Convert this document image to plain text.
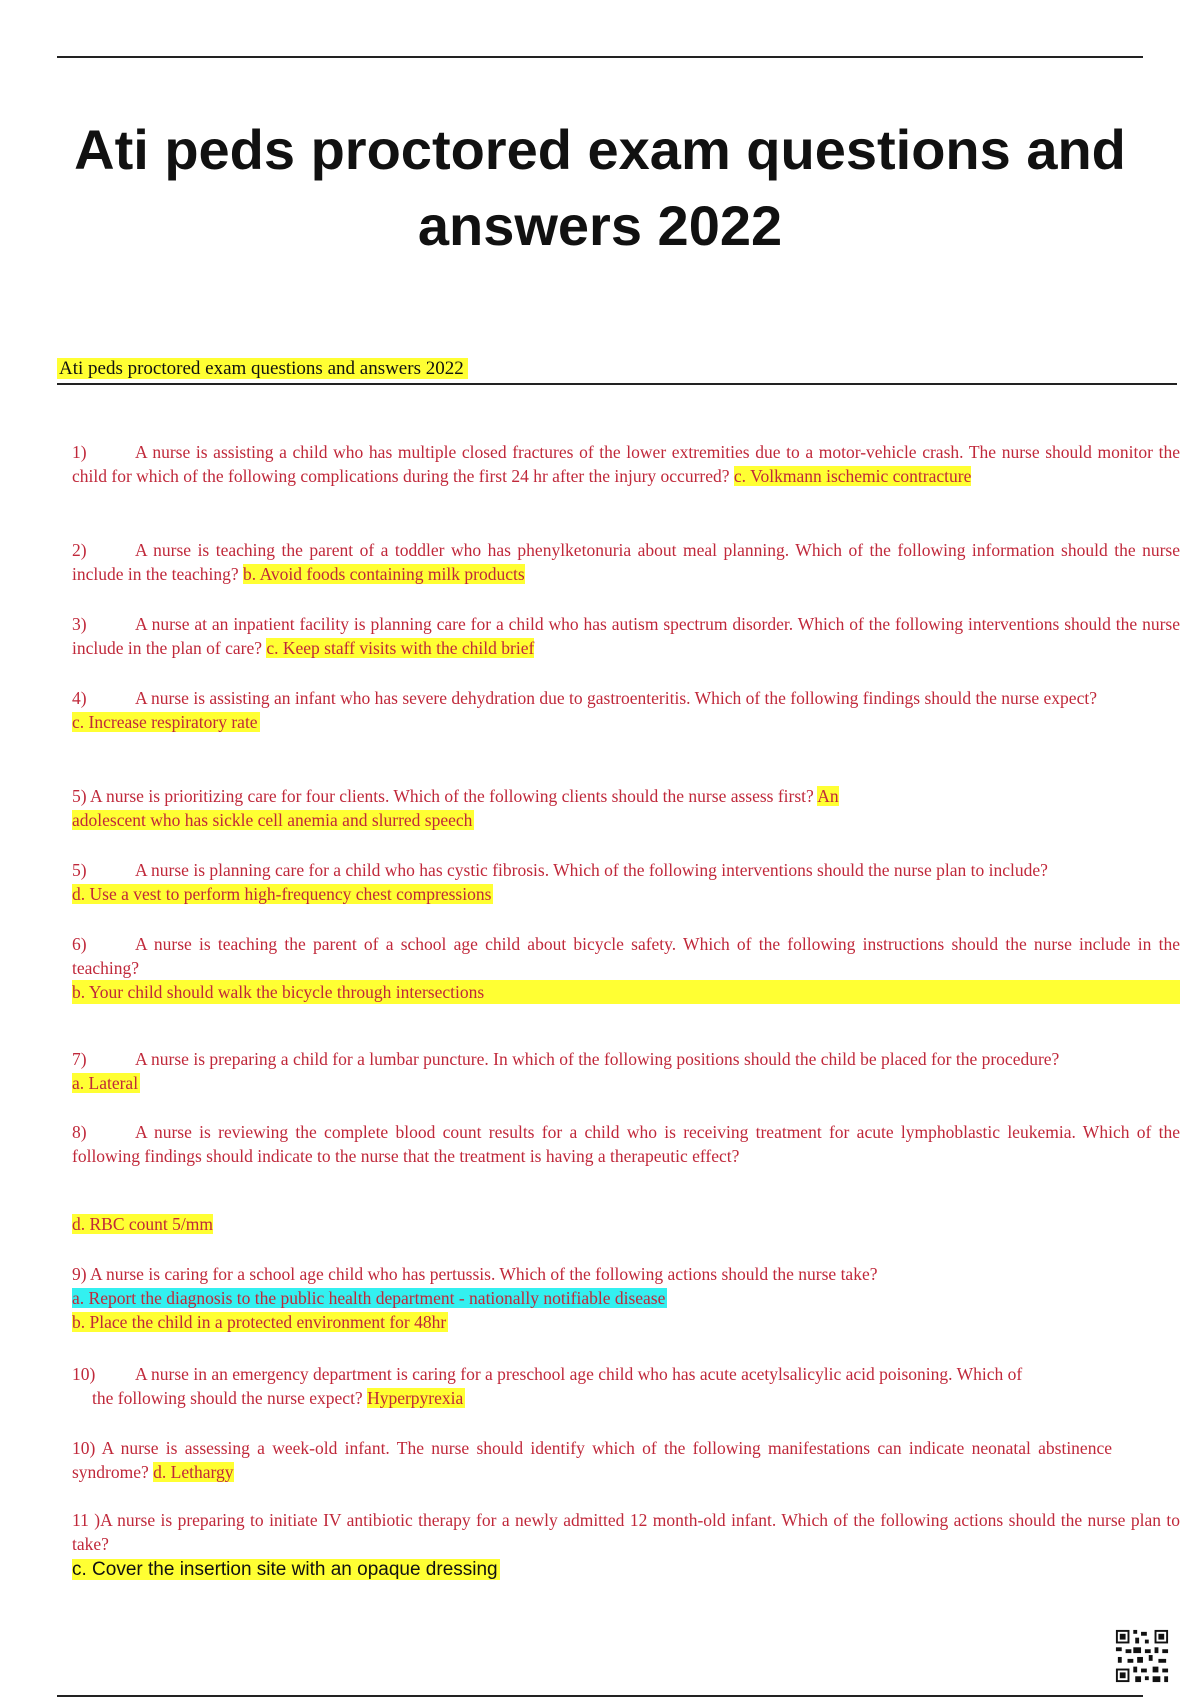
Ati peds proctored exam questions and answers 2022
Ati peds proctored exam questions and answers 2022
1)	A nurse is assisting a child who has multiple closed fractures of the lower extremities due to a motor-vehicle crash. The nurse should monitor the child for which of the following complications during the first 24 hr after the injury occurred? c. Volkmann ischemic contracture
2)	A nurse is teaching the parent of a toddler who has phenylketonuria about meal planning. Which of the following information should the nurse include in the teaching? b. Avoid foods containing milk products
3)	A nurse at an inpatient facility is planning care for a child who has autism spectrum disorder. Which of the following interventions should the nurse include in the plan of care? c. Keep staff visits with the child brief
4)	A nurse is assisting an infant who has severe dehydration due to gastroenteritis. Which of the following findings should the nurse expect?
c. Increase respiratory rate
5) A nurse is prioritizing care for four clients. Which of the following clients should the nurse assess first? An
adolescent who has sickle cell anemia and slurred speech
5)	A nurse is planning care for a child who has cystic fibrosis. Which of the following interventions should the nurse plan to include?
d. Use a vest to perform high-frequency chest compressions
6)	A nurse is teaching the parent of a school age child about bicycle safety. Which of the following instructions should the nurse include in the teaching?
b. Your child should walk the bicycle through intersections
7)	A nurse is preparing a child for a lumbar puncture. In which of the following positions should the child be placed for the procedure?
a. Lateral
8)	A nurse is reviewing the complete blood count results for a child who is receiving treatment for acute lymphoblastic leukemia. Which of the following findings should indicate to the nurse that the treatment is having a therapeutic effect?
d. RBC count 5/mm
9) A nurse is caring for a school age child who has pertussis. Which of the following actions should the nurse take?
a. Report the diagnosis to the public health department - nationally notifiable disease
b. Place the child in a protected environment for 48hr
10) A nurse in an emergency department is caring for a preschool age child who has acute acetylsalicylic acid poisoning. Which of
the following should the nurse expect? Hyperpyrexia
10) A nurse is assessing a week-old infant. The nurse should identify which of the following manifestations can indicate neonatal abstinence syndrome? d. Lethargy
11 )A nurse is preparing to initiate IV antibiotic therapy for a newly admitted 12 month-old infant. Which of the following actions should the nurse plan to take?
c. Cover the insertion site with an opaque dressing
